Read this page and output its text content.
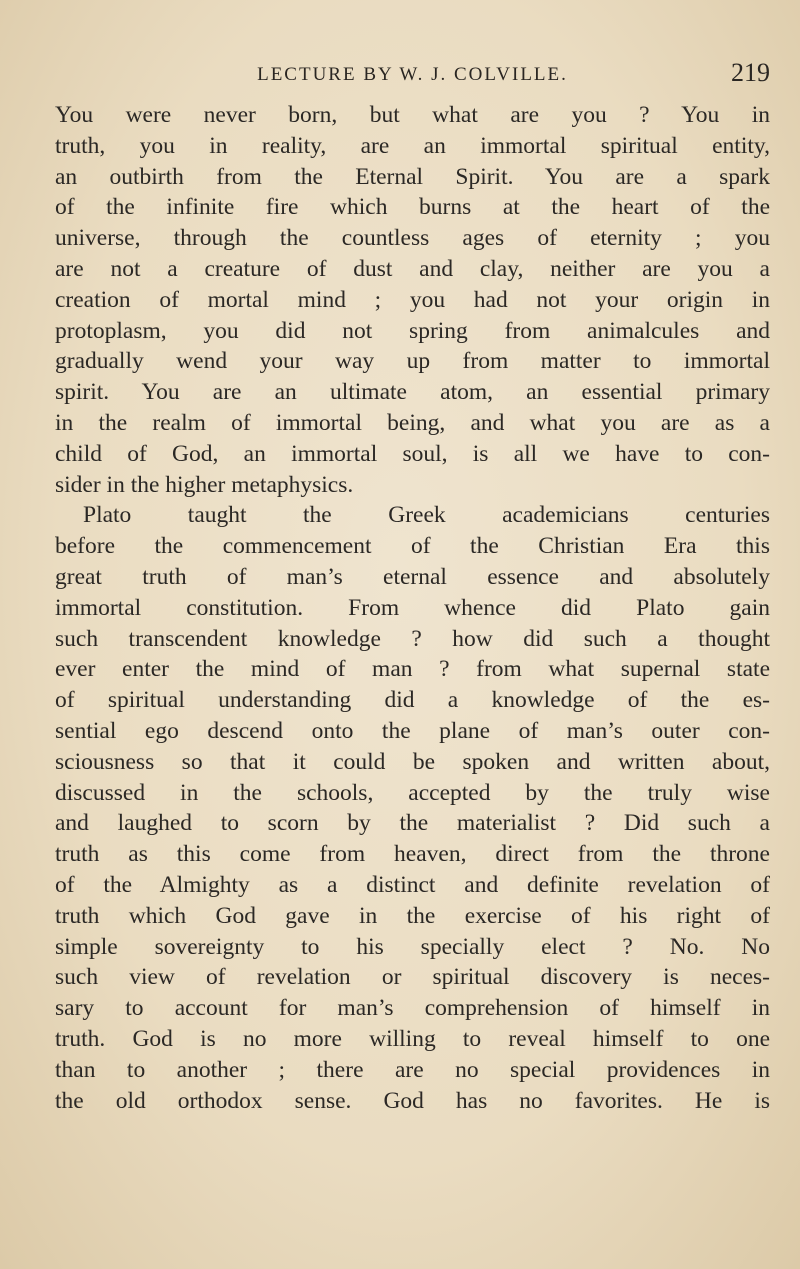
LECTURE BY W. J. COLVILLE.	219
You were never born, but what are you ? You in
truth, you in reality, are an immortal spiritual entity,
an outbirth from the Eternal Spirit. You are a spark
of the infinite fire which burns at the heart of the
universe, through the countless ages of eternity ; you
are not a creature of dust and clay, neither are you a
creation of mortal mind ; you had not your origin in
protoplasm, you did not spring from animalcules and
gradually wend your way up from matter to immortal
spirit. You are an ultimate atom, an essential primary
in the realm of immortal being, and what you are as a
child of God, an immortal soul, is all we have to con-
sider in the higher metaphysics.
Plato taught the Greek academicians centuries
before the commencement of the Christian Era this
great truth of man’s eternal essence and absolutely
immortal constitution. From whence did Plato gain
such transcendent knowledge ? how did such a thought
ever enter the mind of man ? from what supernal state
of spiritual understanding did a knowledge of the es-
sential ego descend onto the plane of man’s outer con-
sciousness so that it could be spoken and written about,
discussed in the schools, accepted by the truly wise
and laughed to scorn by the materialist ? Did such a
truth as this come from heaven, direct from the throne
of the Almighty as a distinct and definite revelation of
truth which God gave in the exercise of his right of
simple sovereignty to his specially elect ? No. No
such view of revelation or spiritual discovery is neces-
sary to account for man’s comprehension of himself in
truth. God is no more willing to reveal himself to one
than to another ; there are no special providences in
the old orthodox sense. God has no favorites. He is
